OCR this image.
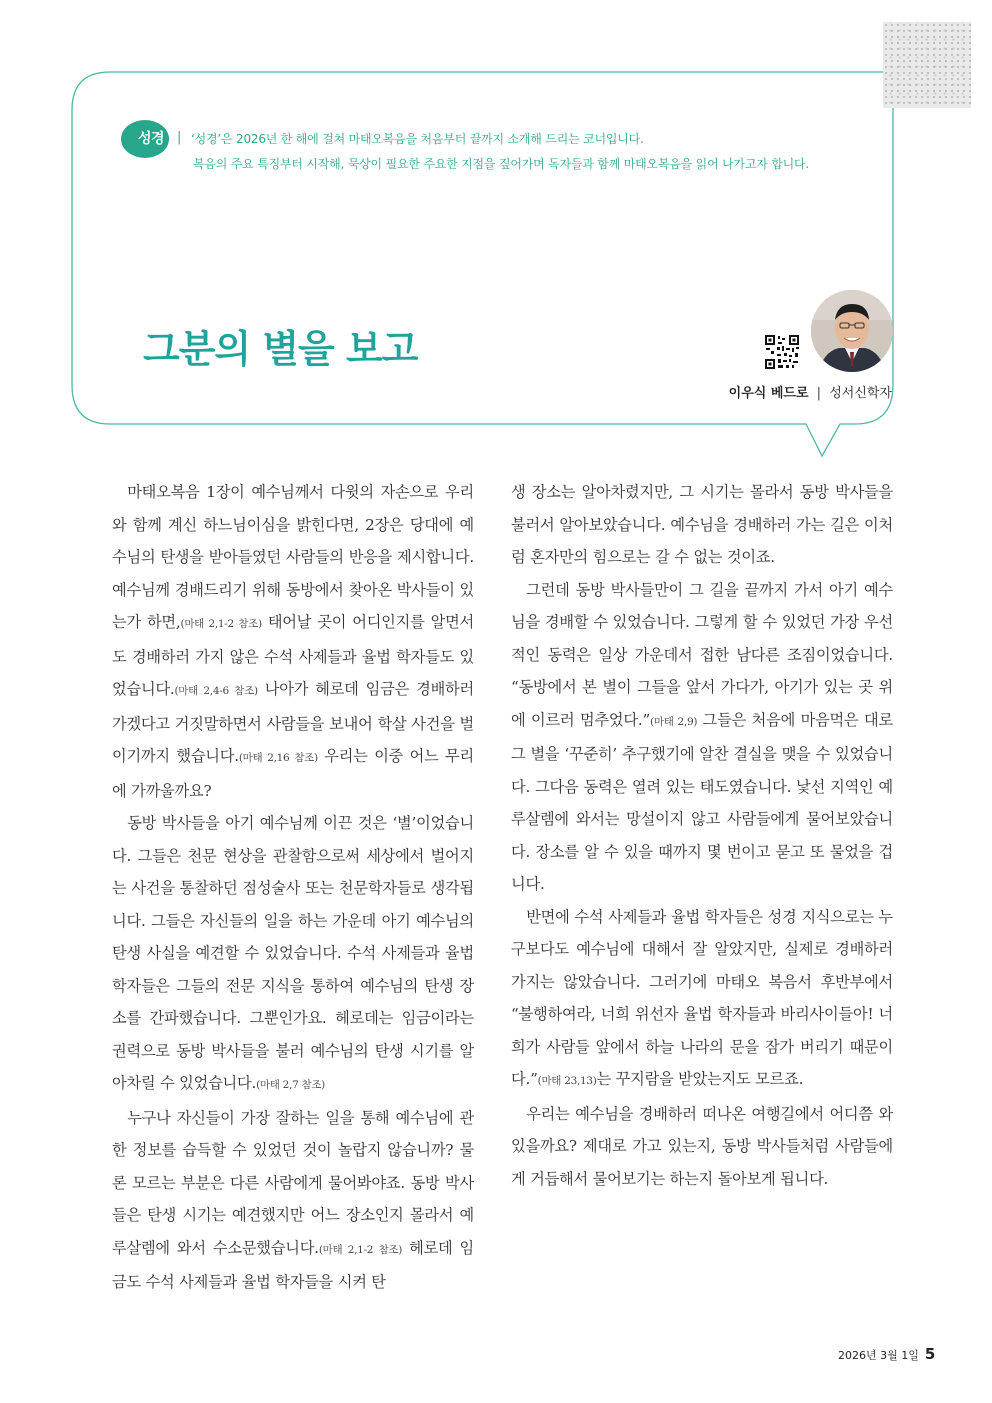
성경 | ‘성경’은 2026년 한 해에 걸쳐 마태오복음을 처음부터 끝까지 소개해 드리는 코너입니다.
복음의 주요 특징부터 시작해, 묵상이 필요한 주요한 지점을 짚어가며 독자들과 함께 마태오복음을 읽어 나가고자 합니다.
그분의 별을 보고
이우식 베드로 | 성서신학자

마태오복음 1장이 예수님께서 다윗의 자손으로 우리와 함께 계신 하느님이심을 밝힌다면, 2장은 당대에 예수님의 탄생을 받아들였던 사람들의 반응을 제시합니다. 예수님께 경배드리기 위해 동방에서 찾아온 박사들이 있는가 하면,(마태 2,1-2 참조) 태어날 곳이 어디인지를 알면서도 경배하러 가지 않은 수석 사제들과 율법 학자들도 있었습니다.(마태 2,4-6 참조) 나아가 헤로데 임금은 경배하러 가겠다고 거짓말하면서 사람들을 보내어 학살 사건을 벌이기까지 했습니다.(마태 2,16 참조) 우리는 이중 어느 무리에 가까울까요?

동방 박사들을 아기 예수님께 이끈 것은 ‘별’이었습니다. 그들은 천문 현상을 관찰함으로써 세상에서 벌어지는 사건을 통찰하던 점성술사 또는 천문학자들로 생각됩니다. 그들은 자신들의 일을 하는 가운데 아기 예수님의 탄생 사실을 예견할 수 있었습니다. 수석 사제들과 율법 학자들은 그들의 전문 지식을 통하여 예수님의 탄생 장소를 간파했습니다. 그뿐인가요. 헤로데는 임금이라는 권력으로 동방 박사들을 불러 예수님의 탄생 시기를 알아차릴 수 있었습니다.(마태 2,7 참조)

누구나 자신들이 가장 잘하는 일을 통해 예수님에 관한 정보를 습득할 수 있었던 것이 놀랍지 않습니까? 물론 모르는 부분은 다른 사람에게 물어봐야죠. 동방 박사들은 탄생 시기는 예견했지만 어느 장소인지 몰라서 예루살렘에 와서 수소문했습니다.(마태 2,1-2 참조) 헤로데 임금도 수석 사제들과 율법 학자들을 시켜 탄

생 장소는 알아차렸지만, 그 시기는 몰라서 동방 박사들을 불러서 알아보았습니다. 예수님을 경배하러 가는 길은 이처럼 혼자만의 힘으로는 갈 수 없는 것이죠.

그런데 동방 박사들만이 그 길을 끝까지 가서 아기 예수님을 경배할 수 있었습니다. 그렇게 할 수 있었던 가장 우선적인 동력은 일상 가운데서 접한 남다른 조짐이었습니다. “동방에서 본 별이 그들을 앞서 가다가, 아기가 있는 곳 위에 이르러 멈추었다.”(마태 2,9) 그들은 처음에 마음먹은 대로 그 별을 ‘꾸준히’ 추구했기에 알찬 결실을 맺을 수 있었습니다. 그다음 동력은 열려 있는 태도였습니다. 낯선 지역인 예루살렘에 와서는 망설이지 않고 사람들에게 물어보았습니다. 장소를 알 수 있을 때까지 몇 번이고 묻고 또 물었을 겁니다.

반면에 수석 사제들과 율법 학자들은 성경 지식으로는 누구보다도 예수님에 대해서 잘 알았지만, 실제로 경배하러 가지는 않았습니다. 그러기에 마태오 복음서 후반부에서 “불행하여라, 너희 위선자 율법 학자들과 바리사이들아! 너희가 사람들 앞에서 하늘 나라의 문을 잠가 버리기 때문이다.”(마태 23,13)는 꾸지람을 받았는지도 모르죠.

우리는 예수님을 경배하러 떠나온 여행길에서 어디쯤 와 있을까요? 제대로 가고 있는지, 동방 박사들처럼 사람들에게 거듭해서 물어보기는 하는지 돌아보게 됩니다.

2026년 3월 1일 5
